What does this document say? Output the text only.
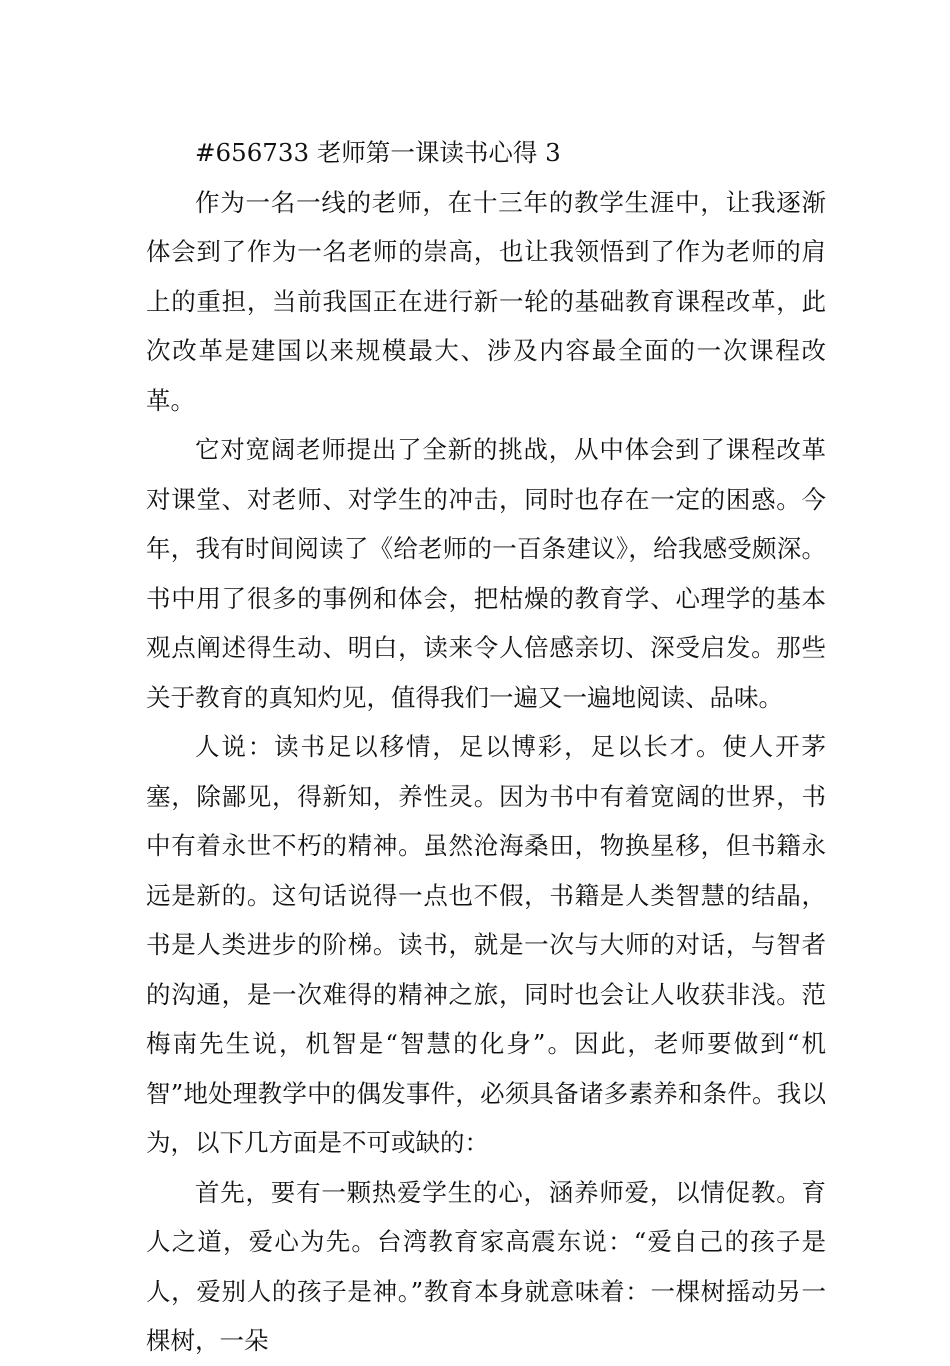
#656733 老师第一课读书心得 3

作为一名一线的老师，在十三年的教学生涯中，让我逐渐体会到了作为一名老师的崇高，也让我领悟到了作为老师的肩上的重担，当前我国正在进行新一轮的基础教育课程改革，此次改革是建国以来规模最大、涉及内容最全面的一次课程改革。

它对宽阔老师提出了全新的挑战，从中体会到了课程改革对课堂、对老师、对学生的冲击，同时也存在一定的困惑。今年，我有时间阅读了《给老师的一百条建议》，给我感受颇深。书中用了很多的事例和体会，把枯燥的教育学、心理学的基本观点阐述得生动、明白，读来令人倍感亲切、深受启发。那些关于教育的真知灼见，值得我们一遍又一遍地阅读、品味。

人说：读书足以移情，足以博彩，足以长才。使人开茅塞，除鄙见，得新知，养性灵。因为书中有着宽阔的世界，书中有着永世不朽的精神。虽然沧海桑田，物换星移，但书籍永远是新的。这句话说得一点也不假，书籍是人类智慧的结晶，书是人类进步的阶梯。读书，就是一次与大师的对话，与智者的沟通，是一次难得的精神之旅，同时也会让人收获非浅。范梅南先生说，机智是“智慧的化身”。因此，老师要做到“机智”地处理教学中的偶发事件，必须具备诸多素养和条件。我以为，以下几方面是不可或缺的：

首先，要有一颗热爱学生的心，涵养师爱，以情促教。育人之道，爱心为先。台湾教育家高震东说：“爱自己的孩子是人，爱别人的孩子是神。”教育本身就意味着：一棵树摇动另一棵树，一朵
